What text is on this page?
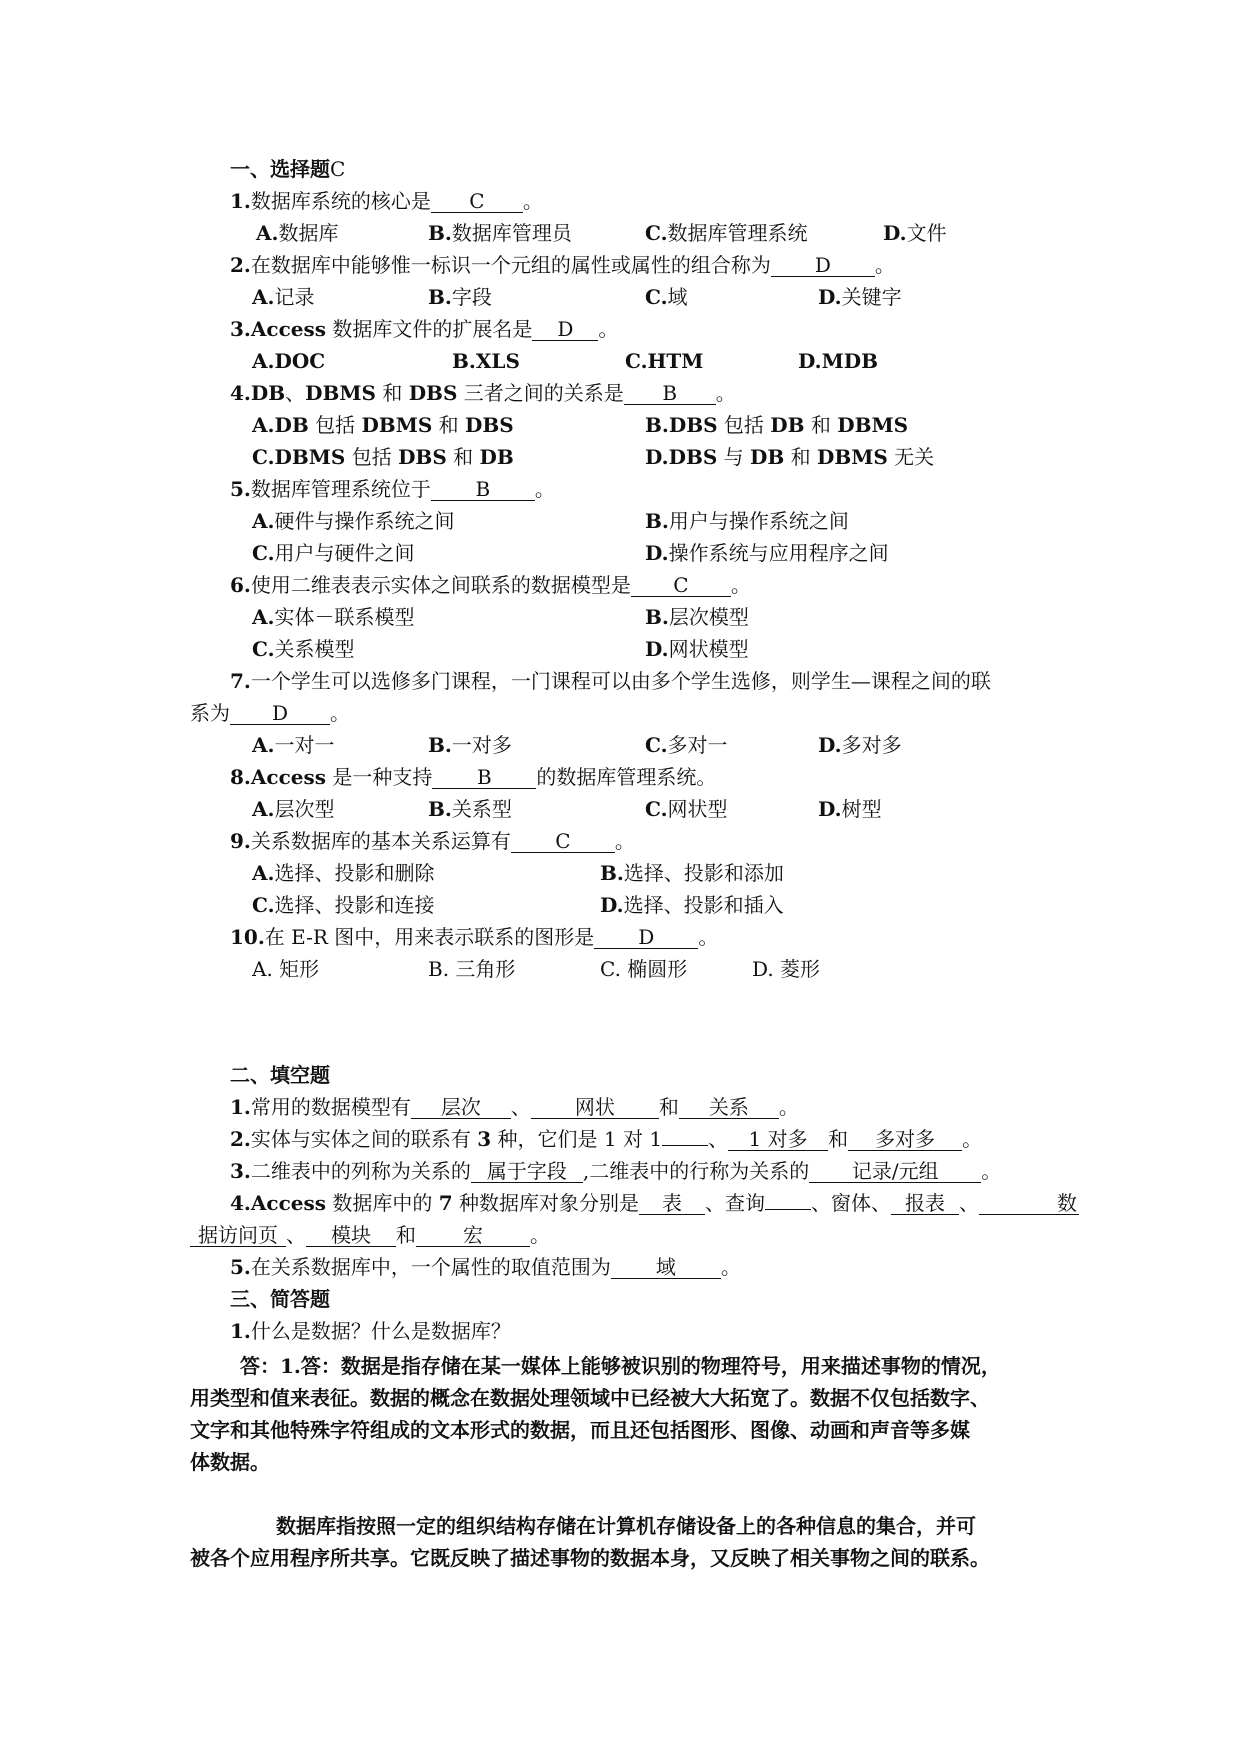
一、选择题C
1.数据库系统的核心是 C 。
A.数据库	B.数据库管理员	C.数据库管理系统	D.文件
2.在数据库中能够惟一标识一个元组的属性或属性的组合称为 D 。
A.记录	B.字段	C.域	D.关键字
3.Access 数据库文件的扩展名是 D 。
A.DOC	B.XLS	C.HTM	D.MDB
4.DB、DBMS 和 DBS 三者之间的关系是 B 。
A.DB 包括 DBMS 和 DBS	B.DBS 包括 DB 和 DBMS
C.DBMS 包括 DBS 和 DB	D.DBS 与 DB 和 DBMS 无关
5.数据库管理系统位于 B 。
A.硬件与操作系统之间	B.用户与操作系统之间
C.用户与硬件之间	D.操作系统与应用程序之间
6.使用二维表表示实体之间联系的数据模型是 C 。
A.实体－联系模型	B.层次模型
C.关系模型	D.网状模型
7.一个学生可以选修多门课程，一门课程可以由多个学生选修，则学生—课程之间的联
系为 D 。
A.一对一	B.一对多	C.多对一	D.多对多
8.Access 是一种支持 B 的数据库管理系统。
A.层次型	B.关系型	C.网状型	D.树型
9.关系数据库的基本关系运算有 C 。
A.选择、投影和删除	B.选择、投影和添加
C.选择、投影和连接	D.选择、投影和插入
10.在 E-R 图中，用来表示联系的图形是 D 。
A. 矩形	B. 三角形	C. 椭圆形	D. 菱形
二、填空题
1.常用的数据模型有 层次 、 网状 和 关系 。
2.实体与实体之间的联系有 3 种，它们是 1 对 1 、 1 对多 和 多对多 。
3.二维表中的列称为关系的 属于字段 ,二维表中的行称为关系的 记录/元组 。
4.Access 数据库中的 7 种数据库对象分别是 表 、查询 、窗体、 报表 、	数
据访问页 、 模块 和 宏 。
5.在关系数据库中，一个属性的取值范围为 域 。
三、简答题
1.什么是数据？什么是数据库？
答：1.答：数据是指存储在某一媒体上能够被识别的物理符号，用来描述事物的情况，
用类型和值来表征。数据的概念在数据处理领域中已经被大大拓宽了。数据不仅包括数字、
文字和其他特殊字符组成的文本形式的数据，而且还包括图形、图像、动画和声音等多媒
体数据。
数据库指按照一定的组织结构存储在计算机存储设备上的各种信息的集合，并可
被各个应用程序所共享。它既反映了描述事物的数据本身，又反映了相关事物之间的联系。
